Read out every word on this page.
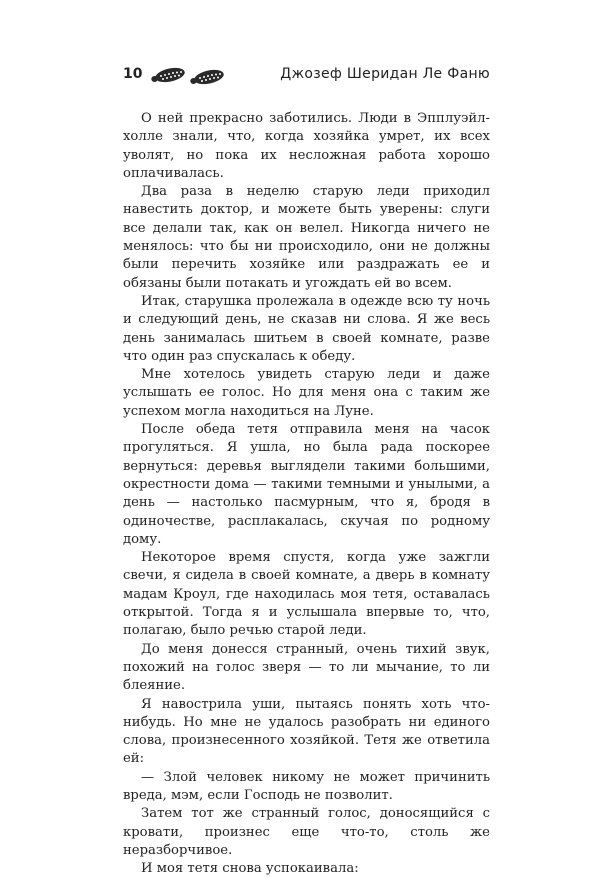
10	Джозеф Шеридан Ле Фаню

О ней прекрасно заботились. Люди в Эпплуэйл-холле знали, что, когда хозяйка умрет, их всех уволят, но пока их несложная работа хорошо оплачивалась.

Два раза в неделю старую леди приходил навестить доктор, и можете быть уверены: слуги все делали так, как он велел. Никогда ничего не менялось: что бы ни происходило, они не должны были перечить хозяйке или раздражать ее и обязаны были потакать и угождать ей во всем.

Итак, старушка пролежала в одежде всю ту ночь и следующий день, не сказав ни слова. Я же весь день занималась шитьем в своей комнате, разве что один раз спускалась к обеду.

Мне хотелось увидеть старую леди и даже услышать ее голос. Но для меня она с таким же успехом могла находиться на Луне.

После обеда тетя отправила меня на часок прогуляться. Я ушла, но была рада поскорее вернуться: деревья выглядели такими большими, окрестности дома — такими темными и унылыми, а день — настолько пасмурным, что я, бродя в одиночестве, расплакалась, скучая по родному дому.

Некоторое время спустя, когда уже зажгли свечи, я сидела в своей комнате, а дверь в комнату мадам Кроул, где находилась моя тетя, оставалась открытой. Тогда я и услышала впервые то, что, полагаю, было речью старой леди.

До меня донесся странный, очень тихий звук, похожий на голос зверя — то ли мычание, то ли блеяние.

Я навострила уши, пытаясь понять хоть что-нибудь. Но мне не удалось разобрать ни единого слова, произнесенного хозяйкой. Тетя же ответила ей:

— Злой человек никому не может причинить вреда, мэм, если Господь не позволит.

Затем тот же странный голос, доносящийся с кровати, произнес еще что-то, столь же неразборчивое.

И моя тетя снова успокаивала:
